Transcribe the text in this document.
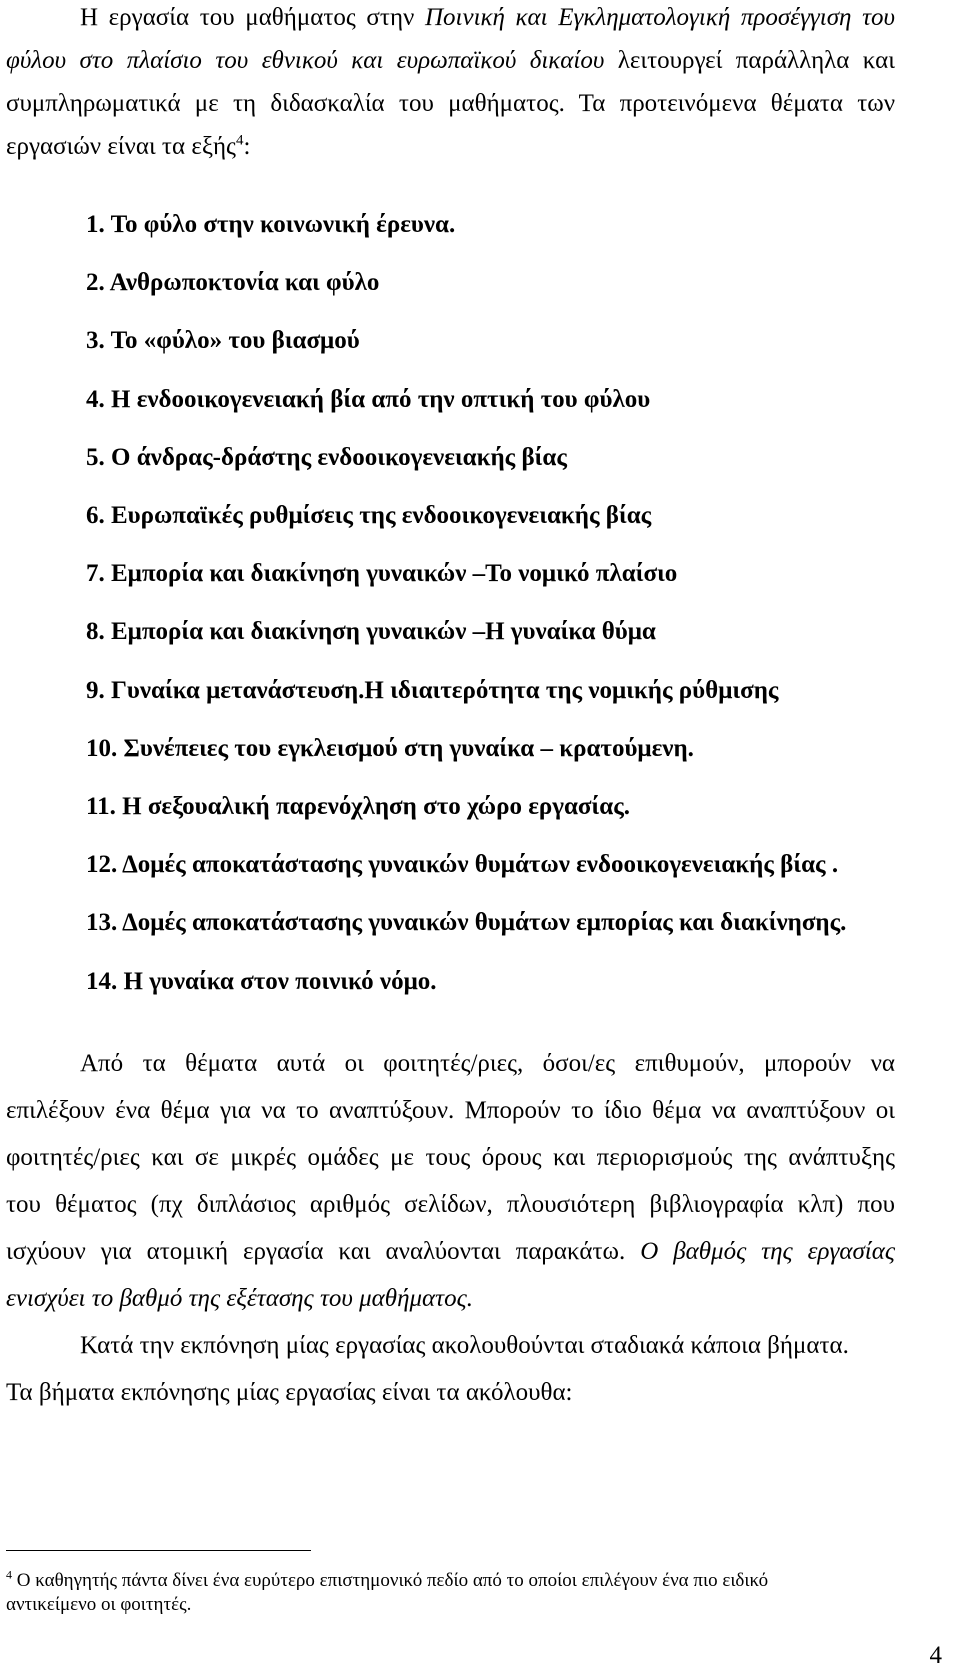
Η εργασία του μαθήματος στην Ποινική και Εγκληματολογική προσέγγιση του
φύλου στο πλαίσιο του εθνικού και ευρωπαϊκού δικαίου λειτουργεί παράλληλα και
συμπληρωματικά με τη διδασκαλία του μαθήματος. Τα προτεινόμενα θέματα των
εργασιών είναι τα εξής$^4$:
1. Το φύλο στην κοινωνική έρευνα.
2. Ανθρωποκτονία και φύλο
3. Το «φύλο» του βιασμού
4. Η ενδοοικογενειακή βία από την οπτική του φύλου
5. Ο άνδρας-δράστης ενδοοικογενειακής βίας
6. Ευρωπαϊκές ρυθμίσεις της ενδοοικογενειακής βίας
7. Εμπορία και διακίνηση γυναικών –Το νομικό πλαίσιο
8. Εμπορία και διακίνηση γυναικών –Η γυναίκα θύμα
9. Γυναίκα μετανάστευση.Η ιδιαιτερότητα της νομικής ρύθμισης
10. Συνέπειες του εγκλεισμού στη γυναίκα – κρατούμενη.
11. Η σεξουαλική παρενόχληση στο χώρο εργασίας.
12. Δομές αποκατάστασης γυναικών θυμάτων ενδοοικογενειακής βίας .
13. Δομές αποκατάστασης γυναικών θυμάτων εμπορίας και διακίνησης.
14. Η γυναίκα στον ποινικό νόμο.
Από τα θέματα αυτά οι φοιτητές/ριες, όσοι/ες επιθυμούν, μπορούν να
επιλέξουν ένα θέμα για να το αναπτύξουν. Μπορούν το ίδιο θέμα να αναπτύξουν οι
φοιτητές/ριες και σε μικρές ομάδες με τους όρους και περιορισμούς της ανάπτυξης
του θέματος (πχ διπλάσιος αριθμός σελίδων, πλουσιότερη βιβλιογραφία κλπ) που
ισχύουν για ατομική εργασία και αναλύονται παρακάτω. Ο βαθμός της εργασίας
ενισχύει το βαθμό της εξέτασης του μαθήματος.
Κατά την εκπόνηση μίας εργασίας ακολουθούνται σταδιακά κάποια βήματα.
Τα βήματα εκπόνησης μίας εργασίας είναι τα ακόλουθα:
$^4$ Ο καθηγητής πάντα δίνει ένα ευρύτερο επιστημονικό πεδίο από το οποίοι επιλέγουν ένα πιο ειδικό
αντικείμενο οι φοιτητές.
4
